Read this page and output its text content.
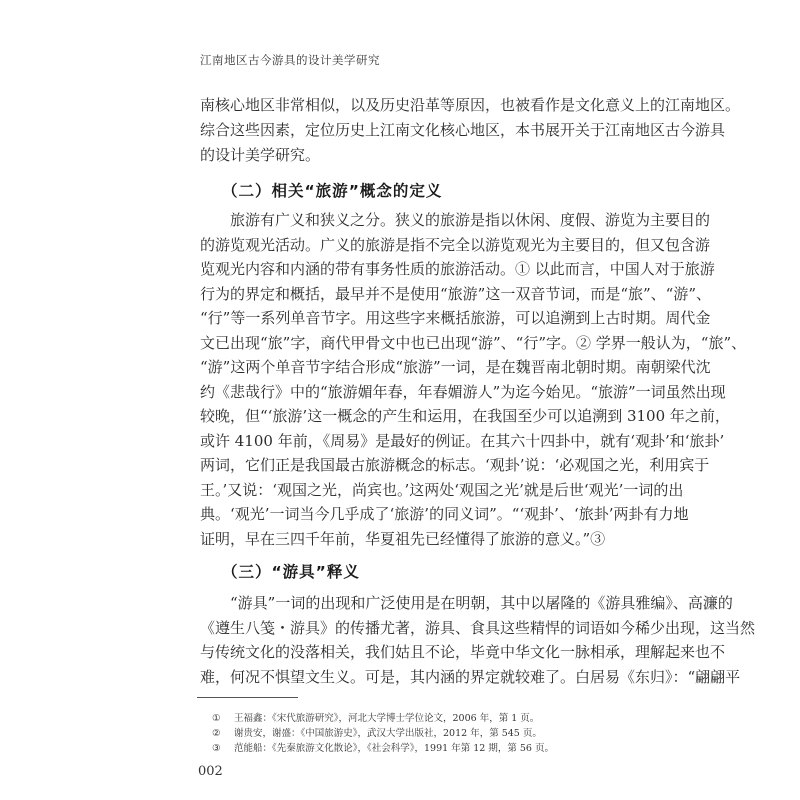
江南地区古今游具的设计美学研究
南核心地区非常相似，以及历史沿革等原因，也被看作是文化意义上的江南地区。
综合这些因素，定位历史上江南文化核心地区，本书展开关于江南地区古今游具
的设计美学研究。
（二）相关“旅游”概念的定义
旅游有广义和狭义之分。狭义的旅游是指以休闲、度假、游览为主要目的
的游览观光活动。广义的旅游是指不完全以游览观光为主要目的，但又包含游
览观光内容和内涵的带有事务性质的旅游活动。① 以此而言，中国人对于旅游
行为的界定和概括，最早并不是使用“旅游”这一双音节词，而是“旅”、“游”、
“行”等一系列单音节字。用这些字来概括旅游，可以追溯到上古时期。周代金
文已出现“旅”字，商代甲骨文中也已出现“游”、“行”字。② 学界一般认为，“旅”、
“游”这两个单音节字结合形成“旅游”一词，是在魏晋南北朝时期。南朝梁代沈
约《悲哉行》中的“旅游媚年春，年春媚游人”为迄今始见。“旅游”一词虽然出现
较晚，但“‘旅游’这一概念的产生和运用，在我国至少可以追溯到 3100 年之前，
或许 4100 年前，《周易》是最好的例证。在其六十四卦中，就有‘观卦’和‘旅卦’
两词，它们正是我国最古旅游概念的标志。‘观卦’说：‘必观国之光，利用宾于
王。’又说：‘观国之光，尚宾也。’这两处‘观国之光’就是后世‘观光’一词的出
典。‘观光’一词当今几乎成了‘旅游’的同义词”。“‘观卦’、‘旅卦’两卦有力地
证明，早在三四千年前，华夏祖先已经懂得了旅游的意义。”③
（三）“游具”释义
“游具”一词的出现和广泛使用是在明朝，其中以屠隆的《游具雅编》、高濂的
《遵生八笺・游具》的传播尤著，游具、食具这些精悍的词语如今稀少出现，这当然
与传统文化的没落相关，我们姑且不论，毕竟中华文化一脉相承，理解起来也不
难，何况不惧望文生义。可是，其内涵的界定就较难了。白居易《东归》：“翩翩平
① 王福鑫：《宋代旅游研究》，河北大学博士学位论文，2006 年，第 1 页。
② 谢贵安，谢盛：《中国旅游史》，武汉大学出版社，2012 年，第 545 页。
③ 范能船：《先秦旅游文化散论》，《社会科学》，1991 年第 12 期，第 56 页。
002
